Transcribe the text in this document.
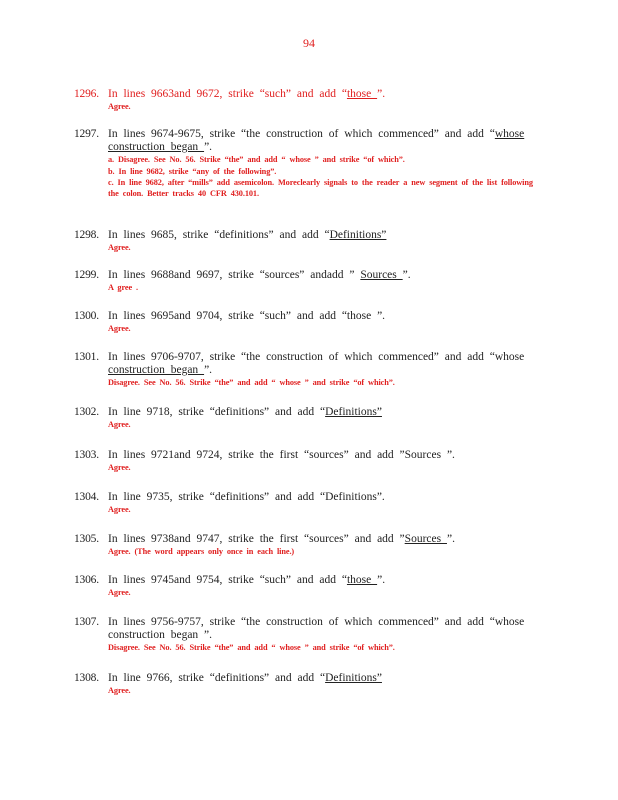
94
1296. In lines 9663and 9672, strike “such” and add “those ”.
Agree.
1297. In lines 9674-9675, strike “the construction of which commenced” and add “whose construction began ”.
a. Disagree. See No. 56. Strike “the” and add “ whose ” and strike “of which”.
b. In line 9682, strike “any of the following”.
c. In line 9682, after “mills” add asemicolon. Moreclearly signals to the reader a new segment of the list following the colon. Better tracks 40 CFR 430.101.
1298. In lines 9685, strike “definitions” and add “Definitions”
Agree.
1299. In lines 9688and 9697, strike “sources” andadd ” Sources ”.
A gree .
1300. In lines 9695and 9704, strike “such” and add “those ”.
Agree.
1301. In lines 9706-9707, strike “the construction of which commenced” and add “whose construction began ”.
Disagree. See No. 56. Strike “the” and add “ whose ” and strike “of which”.
1302. In line 9718, strike “definitions” and add “Definitions”
Agree.
1303. In lines 9721and 9724, strike the first “sources” and add ”Sources ”.
Agree.
1304. In line 9735, strike “definitions” and add “Definitions”.
Agree.
1305. In lines 9738and 9747, strike the first “sources” and add ”Sources ”.
Agree. (The word appears only once in each line.)
1306. In lines 9745and 9754, strike “such” and add “those ”.
Agree.
1307. In lines 9756-9757, strike “the construction of which commenced” and add “whose construction began ”.
Disagree. See No. 56. Strike “the” and add “ whose ” and strike “of which”.
1308. In line 9766, strike “definitions” and add “Definitions”
Agree.
